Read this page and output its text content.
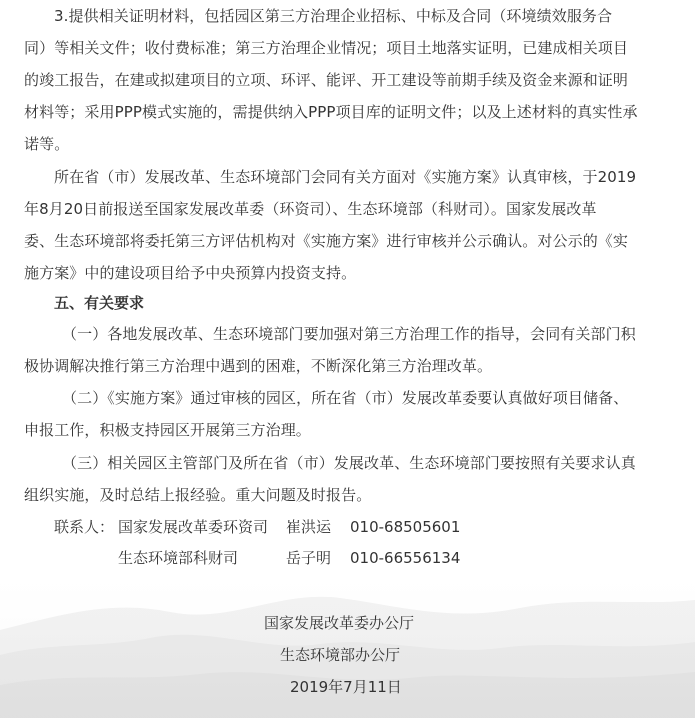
3.提供相关证明材料，包括园区第三方治理企业招标、中标及合同（环境绩效服务合
同）等相关文件；收付费标准；第三方治理企业情况；项目土地落实证明，已建成相关项目
的竣工报告，在建或拟建项目的立项、环评、能评、开工建设等前期手续及资金来源和证明
材料等；采用PPP模式实施的，需提供纳入PPP项目库的证明文件；以及上述材料的真实性承
诺等。
所在省（市）发展改革、生态环境部门会同有关方面对《实施方案》认真审核，于2019
年8月20日前报送至国家发展改革委（环资司）、生态环境部（科财司）。国家发展改革
委、生态环境部将委托第三方评估机构对《实施方案》进行审核并公示确认。对公示的《实
施方案》中的建设项目给予中央预算内投资支持。
五、有关要求
（一）各地发展改革、生态环境部门要加强对第三方治理工作的指导，会同有关部门积
极协调解决推行第三方治理中遇到的困难，不断深化第三方治理改革。
（二）《实施方案》通过审核的园区，所在省（市）发展改革委要认真做好项目储备、
申报工作，积极支持园区开展第三方治理。
（三）相关园区主管部门及所在省（市）发展改革、生态环境部门要按照有关要求认真
组织实施，及时总结上报经验。重大问题及时报告。
联系人： 国家发展改革委环资司 崔洪运 010-68505601
生态环境部科财司	岳子明 010-66556134
国家发展改革委办公厅
生态环境部办公厅
2019年7月11日
